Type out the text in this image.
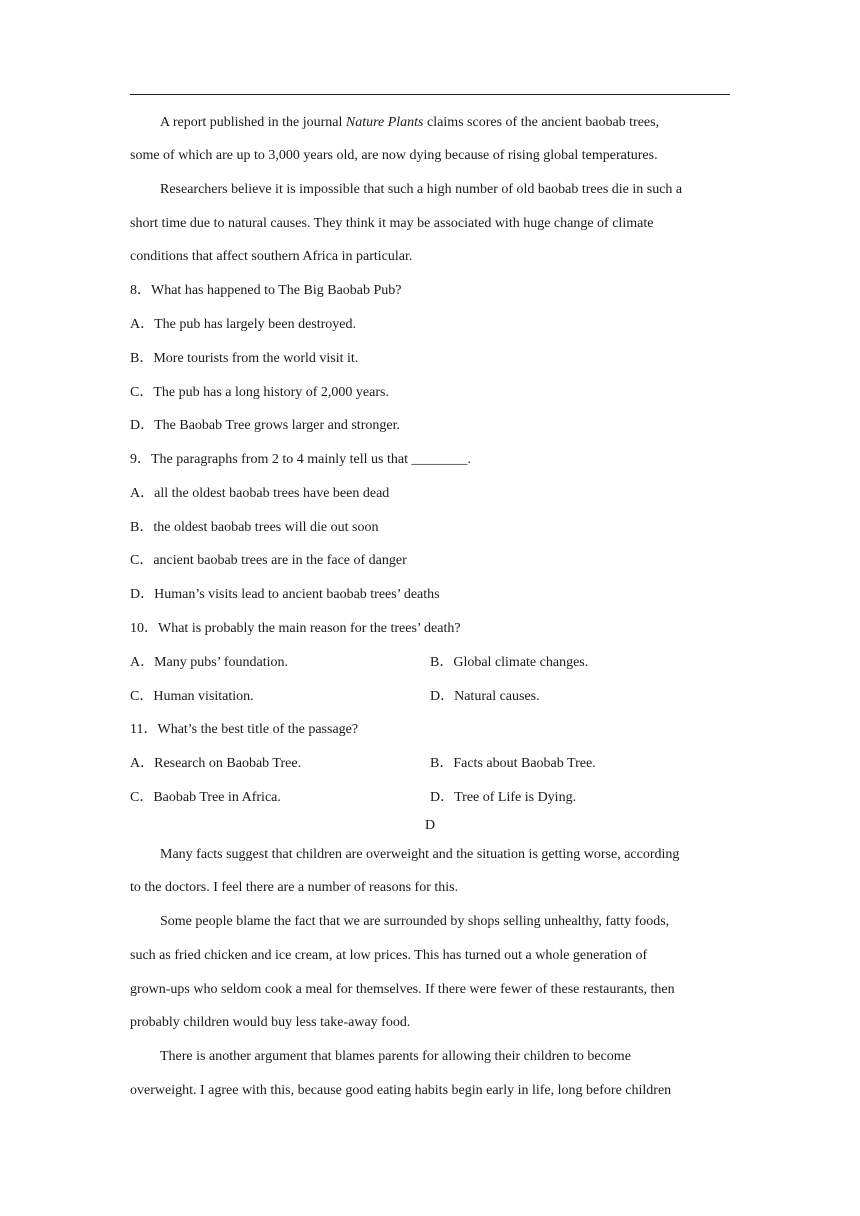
A report published in the journal Nature Plants claims scores of the ancient baobab trees,
some of which are up to 3,000 years old, are now dying because of rising global temperatures.
Researchers believe it is impossible that such a high number of old baobab trees die in such a
short time due to natural causes. They think it may be associated with huge change of climate
conditions that affect southern Africa in particular.
8．What has happened to The Big Baobab Pub?
A．The pub has largely been destroyed.
B．More tourists from the world visit it.
C．The pub has a long history of 2,000 years.
D．The Baobab Tree grows larger and stronger.
9．The paragraphs from 2 to 4 mainly tell us that ________.
A．all the oldest baobab trees have been dead
B．the oldest baobab trees will die out soon
C．ancient baobab trees are in the face of danger
D．Human’s visits lead to ancient baobab trees’ deaths
10．What is probably the main reason for the trees’ death?
A．Many pubs’ foundation.	B．Global climate changes.
C．Human visitation.	D．Natural causes.
11．What’s the best title of the passage?
A．Research on Baobab Tree.	B．Facts about Baobab Tree.
C．Baobab Tree in Africa.	D．Tree of Life is Dying.
D
Many facts suggest that children are overweight and the situation is getting worse, according
to the doctors. I feel there are a number of reasons for this.
Some people blame the fact that we are surrounded by shops selling unhealthy, fatty foods,
such as fried chicken and ice cream, at low prices. This has turned out a whole generation of
grown-ups who seldom cook a meal for themselves. If there were fewer of these restaurants, then
probably children would buy less take-away food.
There is another argument that blames parents for allowing their children to become
overweight. I agree with this, because good eating habits begin early in life, long before children
